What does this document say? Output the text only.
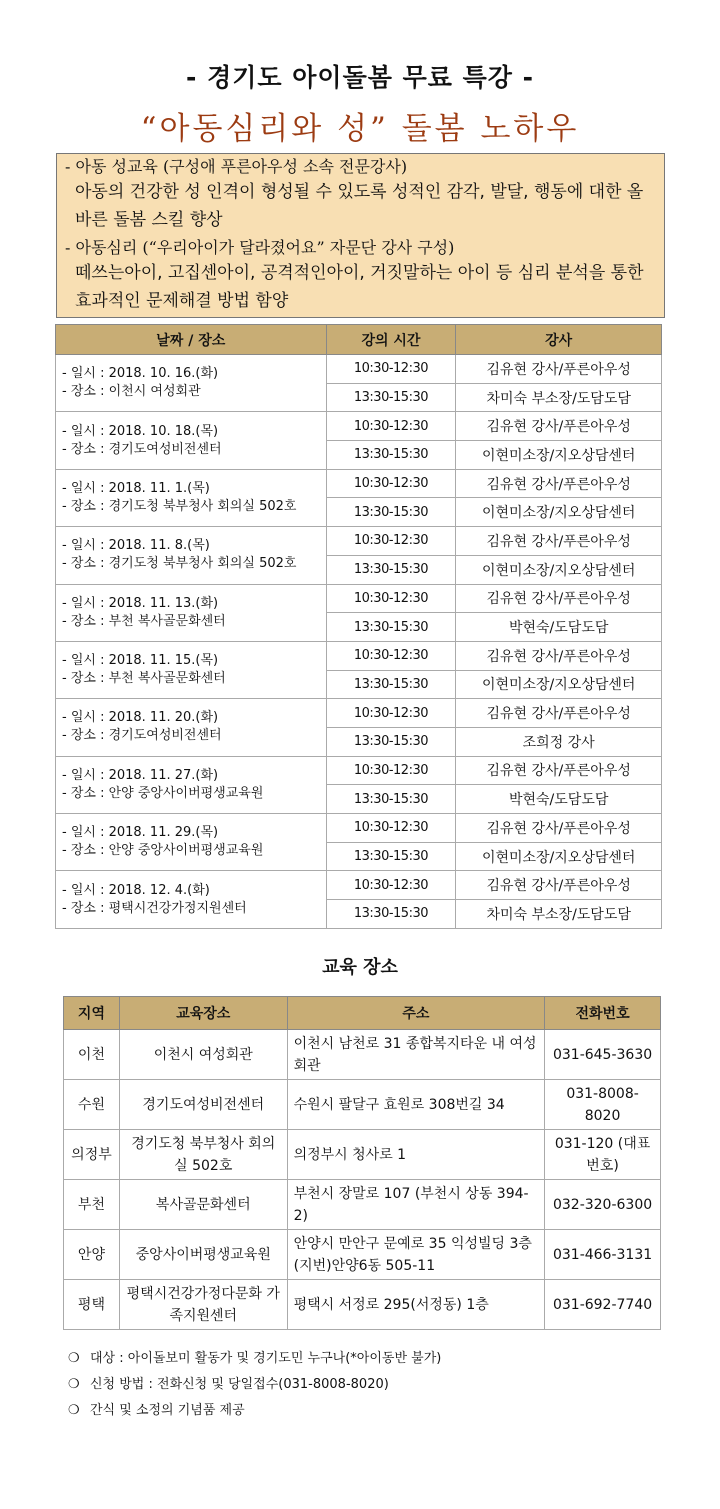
- 경기도 아이돌봄 무료 특강 -
“아동심리와 성” 돌봄 노하우
- 아동 성교육 (구성애 푸른아우성 소속 전문강사)
아동의 건강한 성 인격이 형성될 수 있도록 성적인 감각, 발달, 행동에 대한 올바른 돌봄 스킬 향상
- 아동심리 (“우리아이가 달라졌어요” 자문단 강사 구성)
떼쓰는아이, 고집센아이, 공격적인아이, 거짓말하는 아이 등 심리 분석을 통한 효과적인 문제해결 방법 함양
날짜 / 장소	강의 시간	강사

- 일시 : 2018. 10. 16.(화)
- 장소 : 이천시 여성회관	10:30-12:30	김유현 강사/푸른아우성
	13:30-15:30	차미숙 부소장/도담도담

- 일시 : 2018. 10. 18.(목)
- 장소 : 경기도여성비전센터	10:30-12:30	김유현 강사/푸른아우성
	13:30-15:30	이현미소장/지오상담센터

- 일시 : 2018. 11. 1.(목)
- 장소 : 경기도청 북부청사 회의실 502호	10:30-12:30	김유현 강사/푸른아우성
	13:30-15:30	이현미소장/지오상담센터

- 일시 : 2018. 11. 8.(목)
- 장소 : 경기도청 북부청사 회의실 502호	10:30-12:30	김유현 강사/푸른아우성
	13:30-15:30	이현미소장/지오상담센터

- 일시 : 2018. 11. 13.(화)
- 장소 : 부천 복사골문화센터	10:30-12:30	김유현 강사/푸른아우성
	13:30-15:30	박현숙/도담도담

- 일시 : 2018. 11. 15.(목)
- 장소 : 부천 복사골문화센터	10:30-12:30	김유현 강사/푸른아우성
	13:30-15:30	이현미소장/지오상담센터

- 일시 : 2018. 11. 20.(화)
- 장소 : 경기도여성비전센터	10:30-12:30	김유현 강사/푸른아우성
	13:30-15:30	조희정 강사

- 일시 : 2018. 11. 27.(화)
- 장소 : 안양 중앙사이버평생교육원	10:30-12:30	김유현 강사/푸른아우성
	13:30-15:30	박현숙/도담도담

- 일시 : 2018. 11. 29.(목)
- 장소 : 안양 중앙사이버평생교육원	10:30-12:30	김유현 강사/푸른아우성
	13:30-15:30	이현미소장/지오상담센터

- 일시 : 2018. 12. 4.(화)
- 장소 : 평택시건강가정지원센터	10:30-12:30	김유현 강사/푸른아우성
	13:30-15:30	차미숙 부소장/도담도담
교육 장소
지역	교육장소	주소	전화번호
이천	이천시 여성회관	이천시 남천로 31 종합복지타운 내 여성회관	031-645-3630
수원	경기도여성비전센터	수원시 팔달구 효원로 308번길 34	031-8008-8020
의정부	경기도청 북부청사 회의실 502호	의정부시 청사로 1	031-120 (대표번호)
부천	복사골문화센터	부천시 장말로 107 (부천시 상동 394-2)	032-320-6300
안양	중앙사이버평생교육원	안양시 만안구 문예로 35 익성빌딩 3층 (지번)안양6동 505-11	031-466-3131
평택	평택시건강가정다문화 가족지원센터	평택시 서정로 295(서정동) 1층	031-692-7740
❍ 대상 : 아이돌보미 활동가 및 경기도민 누구나(*아이동반 불가)
❍ 신청 방법 : 전화신청 및 당일접수(031-8008-8020)
❍ 간식 및 소정의 기념품 제공
